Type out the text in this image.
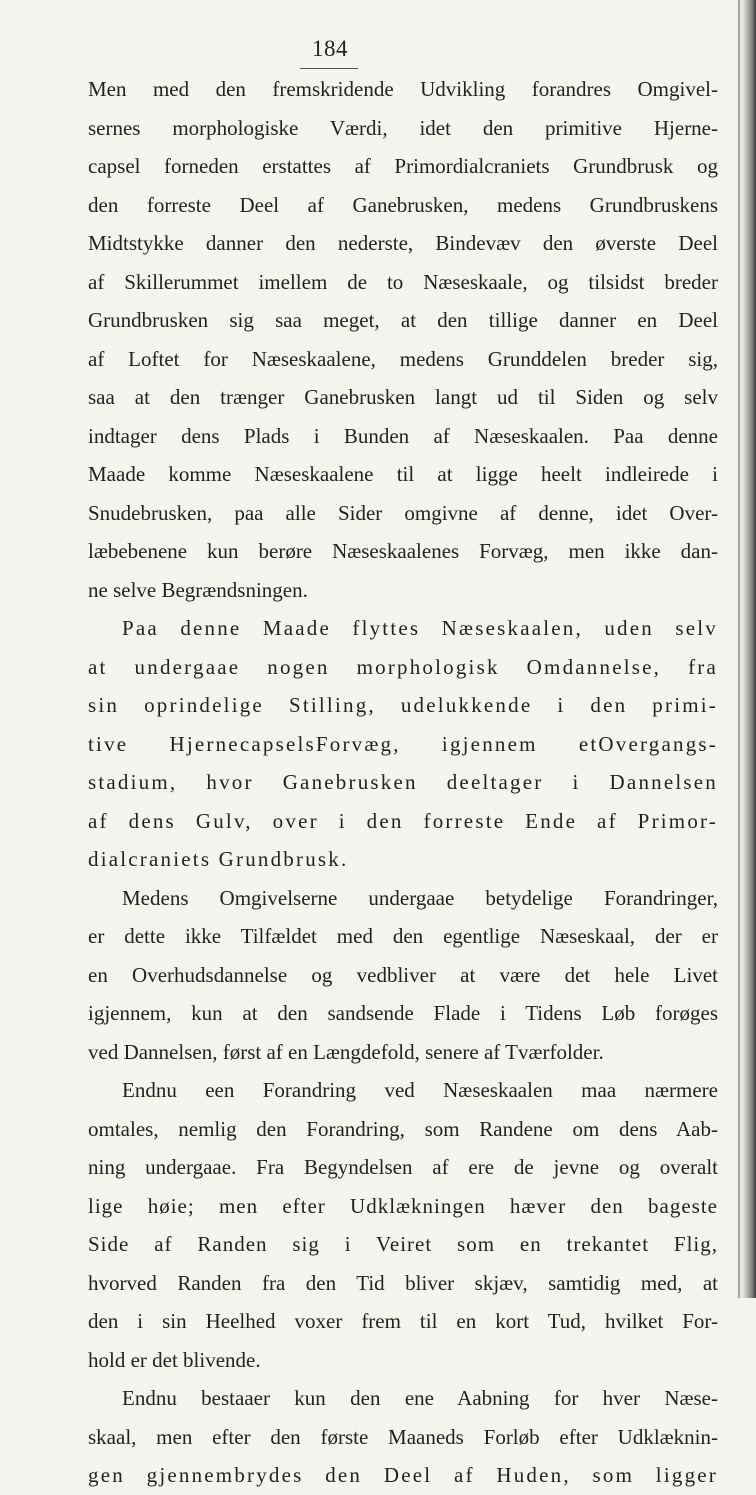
184
Men med den fremskridende Udvikling forandres Omgivel-
sernes morphologiske Værdi, idet den primitive Hjerne-
capsel forneden erstattes af Primordialcraniets Grundbrusk og
den forreste Deel af Ganebrusken, medens Grundbruskens
Midtstykke danner den nederste, Bindevæv den øverste Deel
af Skillerummet imellem de to Næseskaale, og tilsidst breder
Grundbrusken sig saa meget, at den tillige danner en Deel
af Loftet for Næseskaalene, medens Grunddelen breder sig,
saa at den trænger Ganebrusken langt ud til Siden og selv
indtager dens Plads i Bunden af Næseskaalen. Paa denne
Maade komme Næseskaalene til at ligge heelt indleirede i
Snudebrusken, paa alle Sider omgivne af denne, idet Over-
læbebenene kun berøre Næseskaalenes Forvæg, men ikke dan-
ne selve Begrændsningen.
Paa denne Maade flyttes Næseskaalen, uden selv
at undergaae nogen morphologisk Omdannelse, fra
sin oprindelige Stilling, udelukkende i den primi-
tive HjernecapselsForvæg, igjennem etOvergangs-
stadium, hvor Ganebrusken deeltager i Dannelsen
af dens Gulv, over i den forreste Ende af Primor-
dialcraniets Grundbrusk.
Medens Omgivelserne undergaae betydelige Forandringer,
er dette ikke Tilfældet med den egentlige Næseskaal, der er
en Overhudsdannelse og vedbliver at være det hele Livet
igjennem, kun at den sandsende Flade i Tidens Løb forøges
ved Dannelsen, først af en Længdefold, senere af Tværfolder.
Endnu een Forandring ved Næseskaalen maa nærmere
omtales, nemlig den Forandring, som Randene om dens Aab-
ning undergaae. Fra Begyndelsen af ere de jevne og overalt
lige høie; men efter Udklækningen hæver den bageste
Side af Randen sig i Veiret som en trekantet Flig,
hvorved Randen fra den Tid bliver skjæv, samtidig med, at
den i sin Heelhed voxer frem til en kort Tud, hvilket For-
hold er det blivende.
Endnu bestaaer kun den ene Aabning for hver Næse-
skaal, men efter den første Maaneds Forløb efter Udklæknin-
gen gjennembrydes den Deel af Huden, som ligger
